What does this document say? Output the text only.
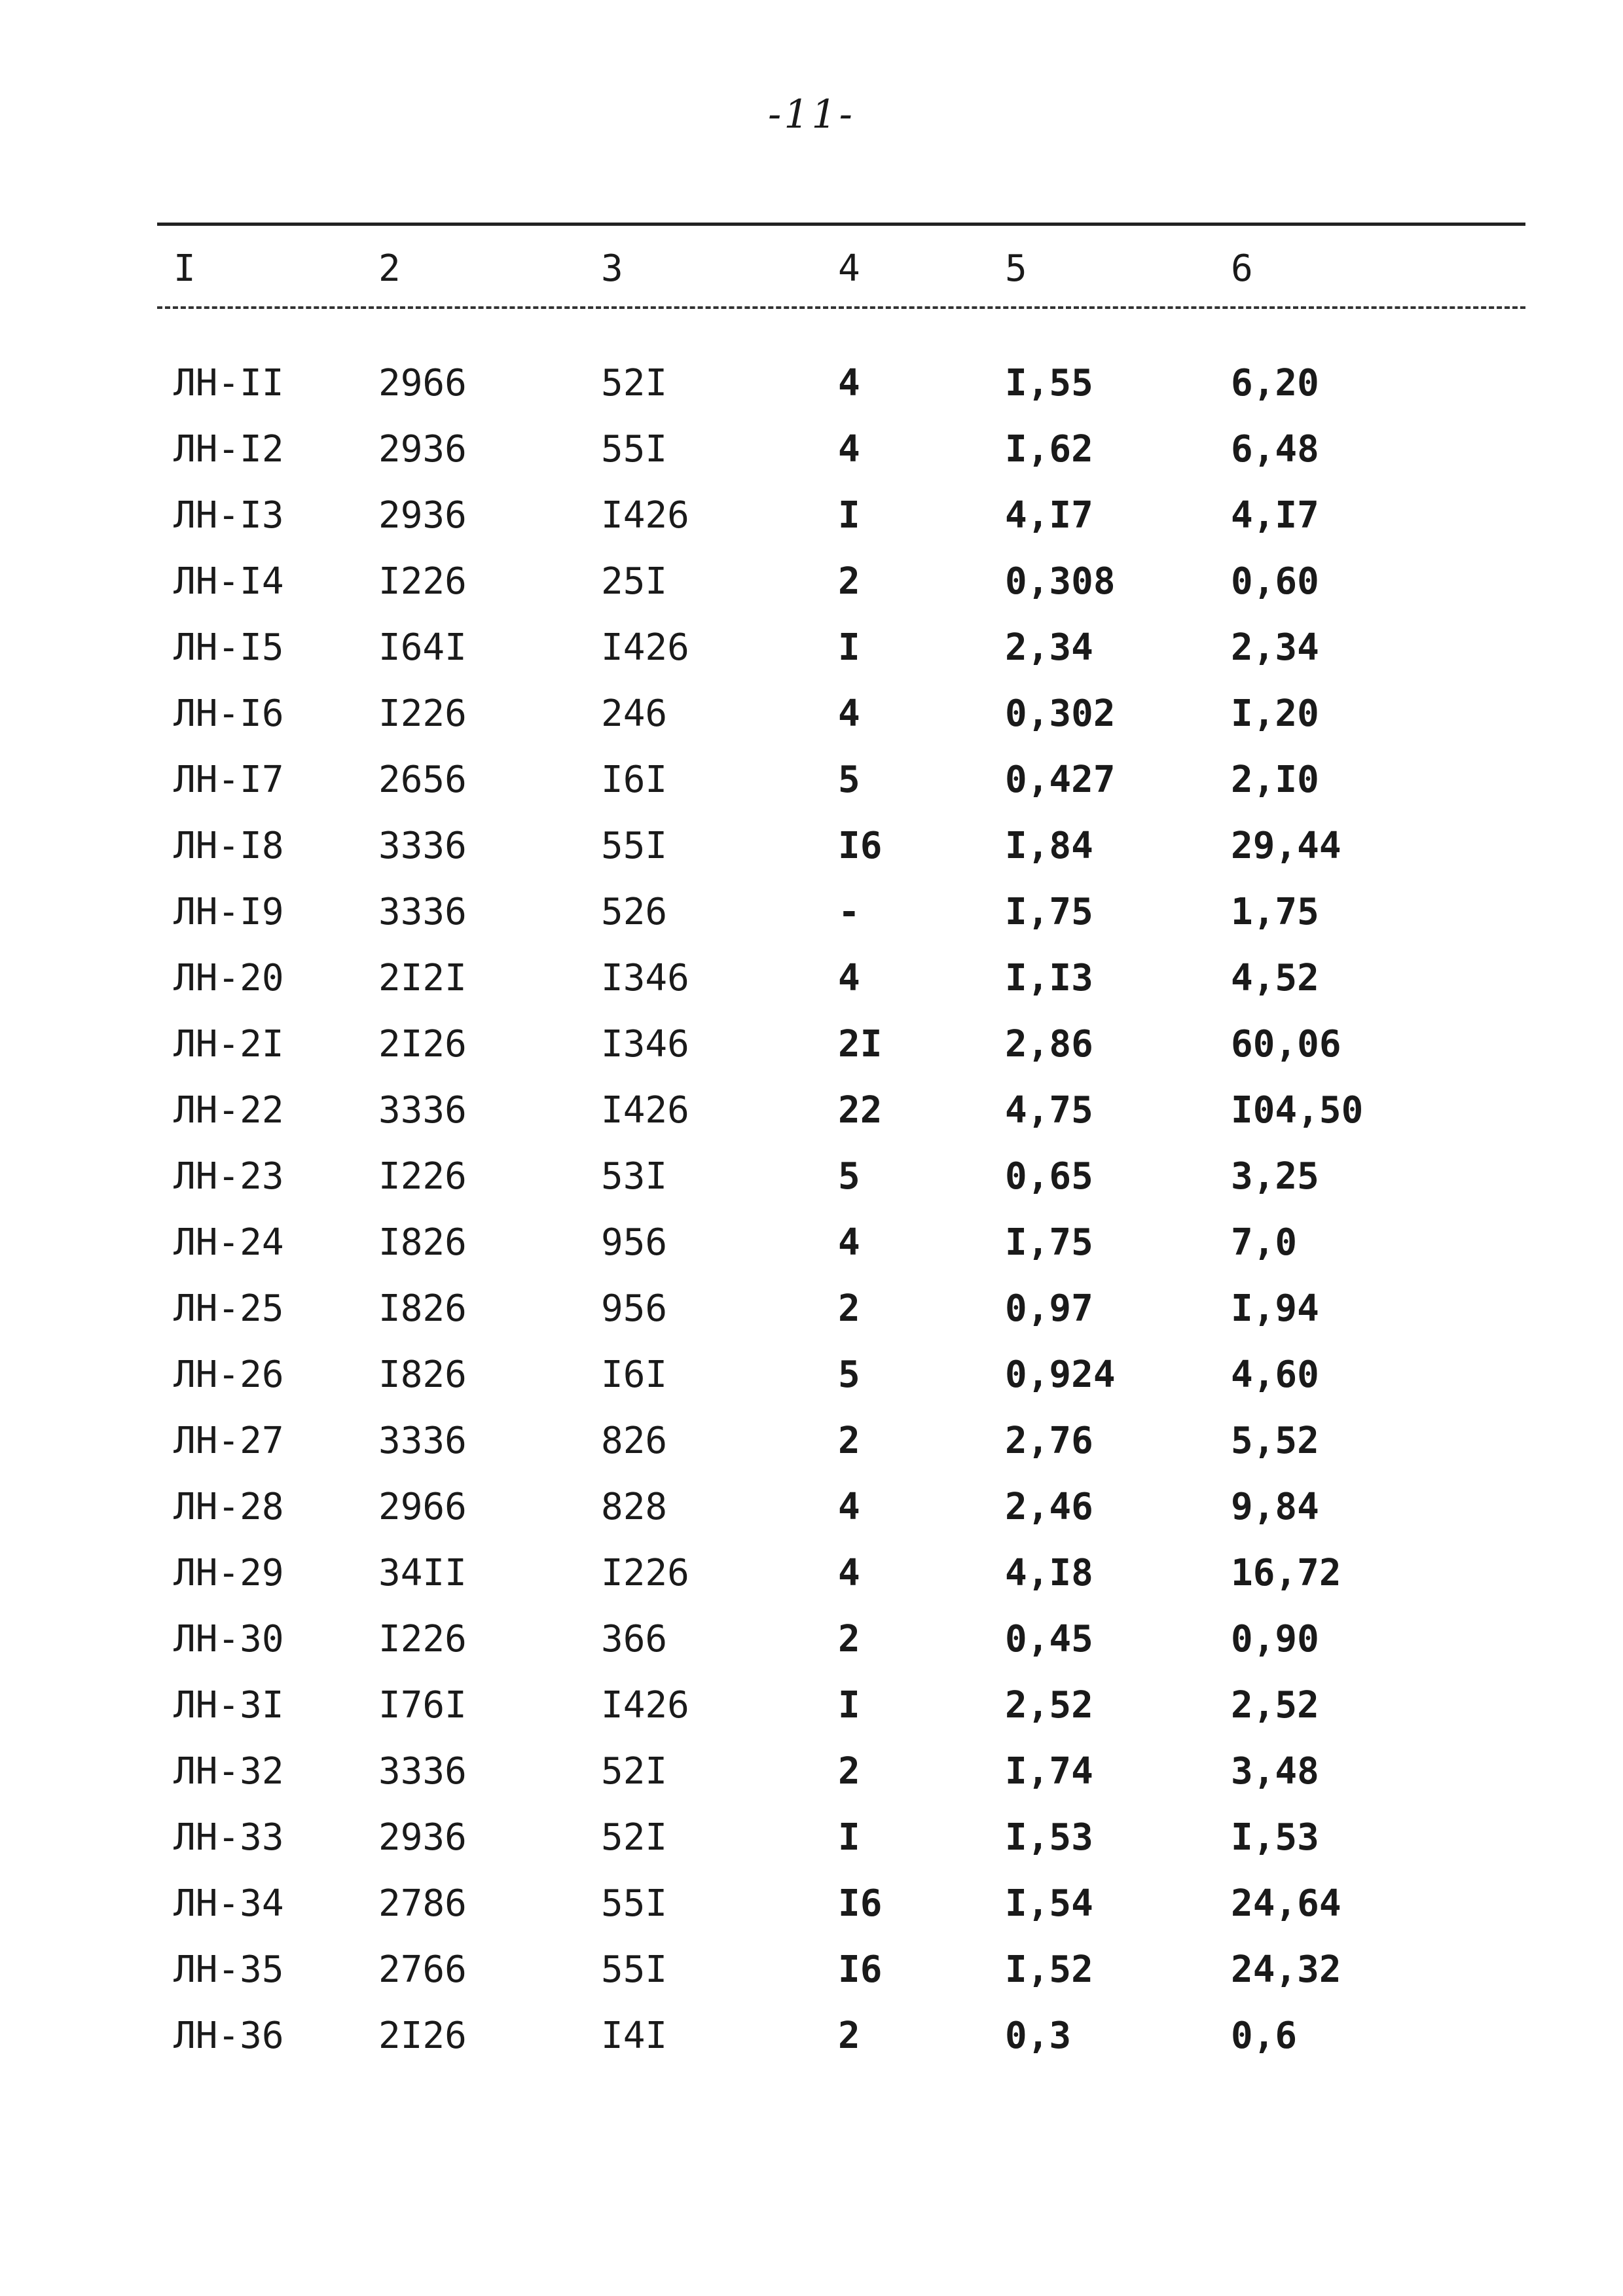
-11-
I	2	3	4	5	6
ЛН-II	2966	52I	4	I,55	6,20
ЛН-I2	2936	55I	4	I,62	6,48
ЛН-I3	2936	I426	I	4,I7	4,I7
ЛН-I4	I226	25I	2	0,308	0,60
ЛН-I5	I64I	I426	I	2,34	2,34
ЛН-I6	I226	246	4	0,302	I,20
ЛН-I7	2656	I6I	5	0,427	2,I0
ЛН-I8	3336	55I	I6	I,84	29,44
ЛН-I9	3336	526	-	I,75	1,75
ЛН-20	2I2I	I346	4	I,I3	4,52
ЛН-2I	2I26	I346	2I	2,86	60,06
ЛН-22	3336	I426	22	4,75	I04,50
ЛН-23	I226	53I	5	0,65	3,25
ЛН-24	I826	956	4	I,75	7,0
ЛН-25	I826	956	2	0,97	I,94
ЛН-26	I826	I6I	5	0,924	4,60
ЛН-27	3336	826	2	2,76	5,52
ЛН-28	2966	828	4	2,46	9,84
ЛН-29	34II	I226	4	4,I8	16,72
ЛН-30	I226	366	2	0,45	0,90
ЛН-3I	I76I	I426	I	2,52	2,52
ЛН-32	3336	52I	2	I,74	3,48
ЛН-33	2936	52I	I	I,53	I,53
ЛН-34	2786	55I	I6	I,54	24,64
ЛН-35	2766	55I	I6	I,52	24,32
ЛН-36	2I26	I4I	2	0,3	0,6
